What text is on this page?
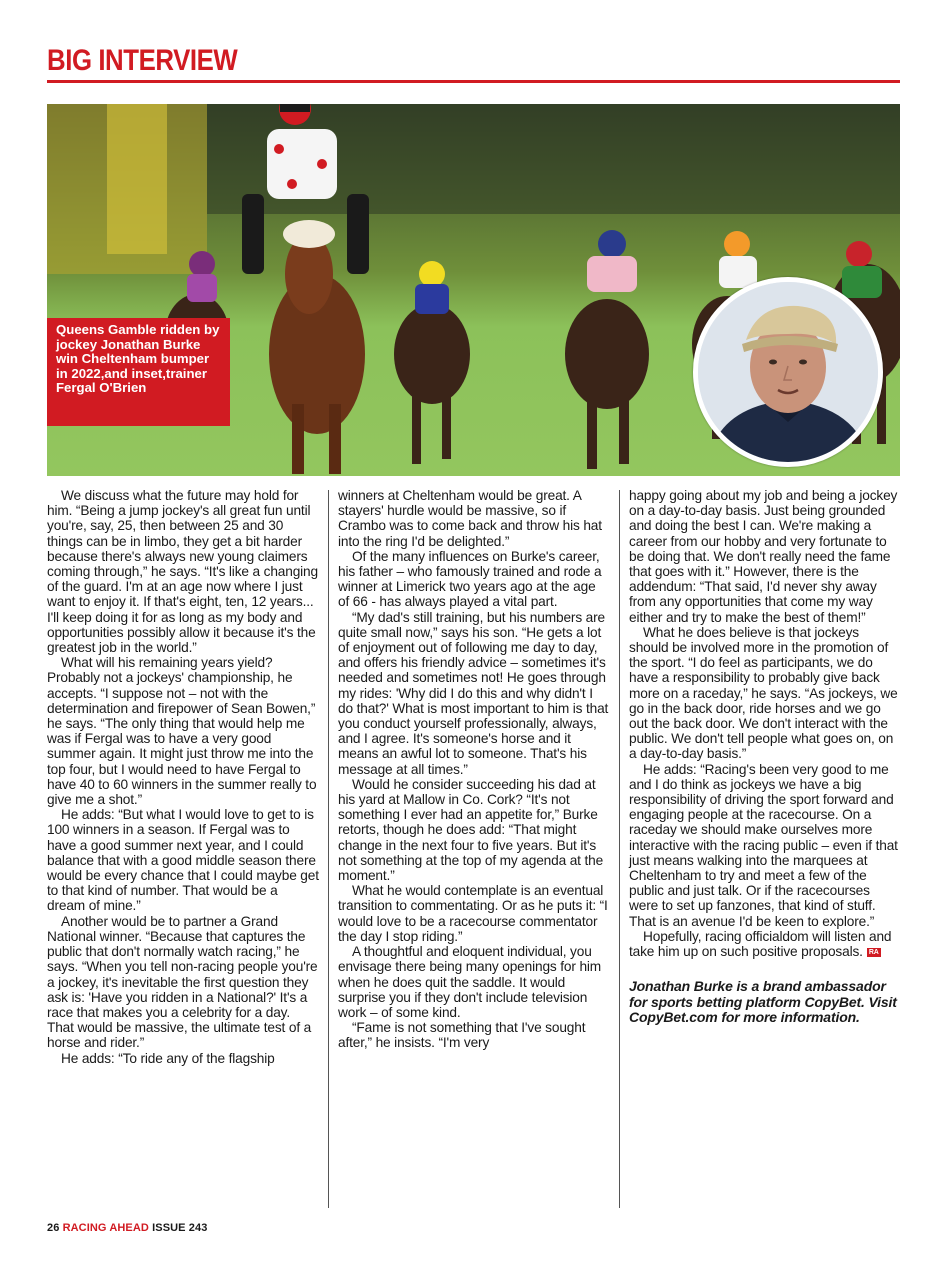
BIG INTERVIEW
Queens Gamble ridden by jockey Jonathan Burke win Cheltenham bumper in 2022,and inset,trainer Fergal O'Brien

We discuss what the future may hold for him. “Being a jump jockey's all great fun until you're, say, 25, then between 25 and 30 things can be in limbo, they get a bit harder because there's always new young claimers coming through,” he says. “It's like a changing of the guard. I'm at an age now where I just want to enjoy it. If that's eight, ten, 12 years... I'll keep doing it for as long as my body and opportunities possibly allow it because it's the greatest job in the world.”

What will his remaining years yield? Probably not a jockeys' championship, he accepts. “I suppose not – not with the determination and firepower of Sean Bowen,” he says. “The only thing that would help me was if Fergal was to have a very good summer again. It might just throw me into the top four, but I would need to have Fergal to have 40 to 60 winners in the summer really to give me a shot.”

He adds: “But what I would love to get to is 100 winners in a season. If Fergal was to have a good summer next year, and I could balance that with a good middle season there would be every chance that I could maybe get to that kind of number. That would be a dream of mine.”

Another would be to partner a Grand National winner. “Because that captures the public that don't normally watch racing,” he says. “When you tell non-racing people you're a jockey, it's inevitable the first question they ask is: 'Have you ridden in a National?' It's a race that makes you a celebrity for a day. That would be massive, the ultimate test of a horse and rider.”

He adds: “To ride any of the flagship

winners at Cheltenham would be great. A stayers' hurdle would be massive, so if Crambo was to come back and throw his hat into the ring I'd be delighted.”

Of the many influences on Burke's career, his father – who famously trained and rode a winner at Limerick two years ago at the age of 66 - has always played a vital part.

“My dad's still training, but his numbers are quite small now,” says his son. “He gets a lot of enjoyment out of following me day to day, and offers his friendly advice – sometimes it's needed and sometimes not! He goes through my rides: 'Why did I do this and why didn't I do that?' What is most important to him is that you conduct yourself professionally, always, and I agree. It's someone's horse and it means an awful lot to someone. That's his message at all times.”

Would he consider succeeding his dad at his yard at Mallow in Co. Cork? “It's not something I ever had an appetite for,” Burke retorts, though he does add: “That might change in the next four to five years. But it's not something at the top of my agenda at the moment.”

What he would contemplate is an eventual transition to commentating. Or as he puts it: “I would love to be a racecourse commentator the day I stop riding.”

A thoughtful and eloquent individual, you envisage there being many openings for him when he does quit the saddle. It would surprise you if they don't include television work – of some kind.

“Fame is not something that I've sought after,” he insists. “I'm very

happy going about my job and being a jockey on a day-to-day basis. Just being grounded and doing the best I can. We're making a career from our hobby and very fortunate to be doing that. We don't really need the fame that goes with it.” However, there is the addendum: “That said, I'd never shy away from any opportunities that come my way either and try to make the best of them!”

What he does believe is that jockeys should be involved more in the promotion of the sport. “I do feel as participants, we do have a responsibility to probably give back more on a raceday,” he says. “As jockeys, we go in the back door, ride horses and we go out the back door. We don't interact with the public. We don't tell people what goes on, on a day-to-day basis.”

He adds: “Racing's been very good to me and I do think as jockeys we have a big responsibility of driving the sport forward and engaging people at the racecourse. On a raceday we should make ourselves more interactive with the racing public – even if that just means walking into the marquees at Cheltenham to try and meet a few of the public and just talk. Or if the racecourses were to set up fanzones, that kind of stuff. That is an avenue I'd be keen to explore.”

Hopefully, racing officialdom will listen and take him up on such positive proposals. RA

Jonathan Burke is a brand ambassador for sports betting platform CopyBet. Visit CopyBet.com for more information.

26 RACING AHEAD ISSUE 243
